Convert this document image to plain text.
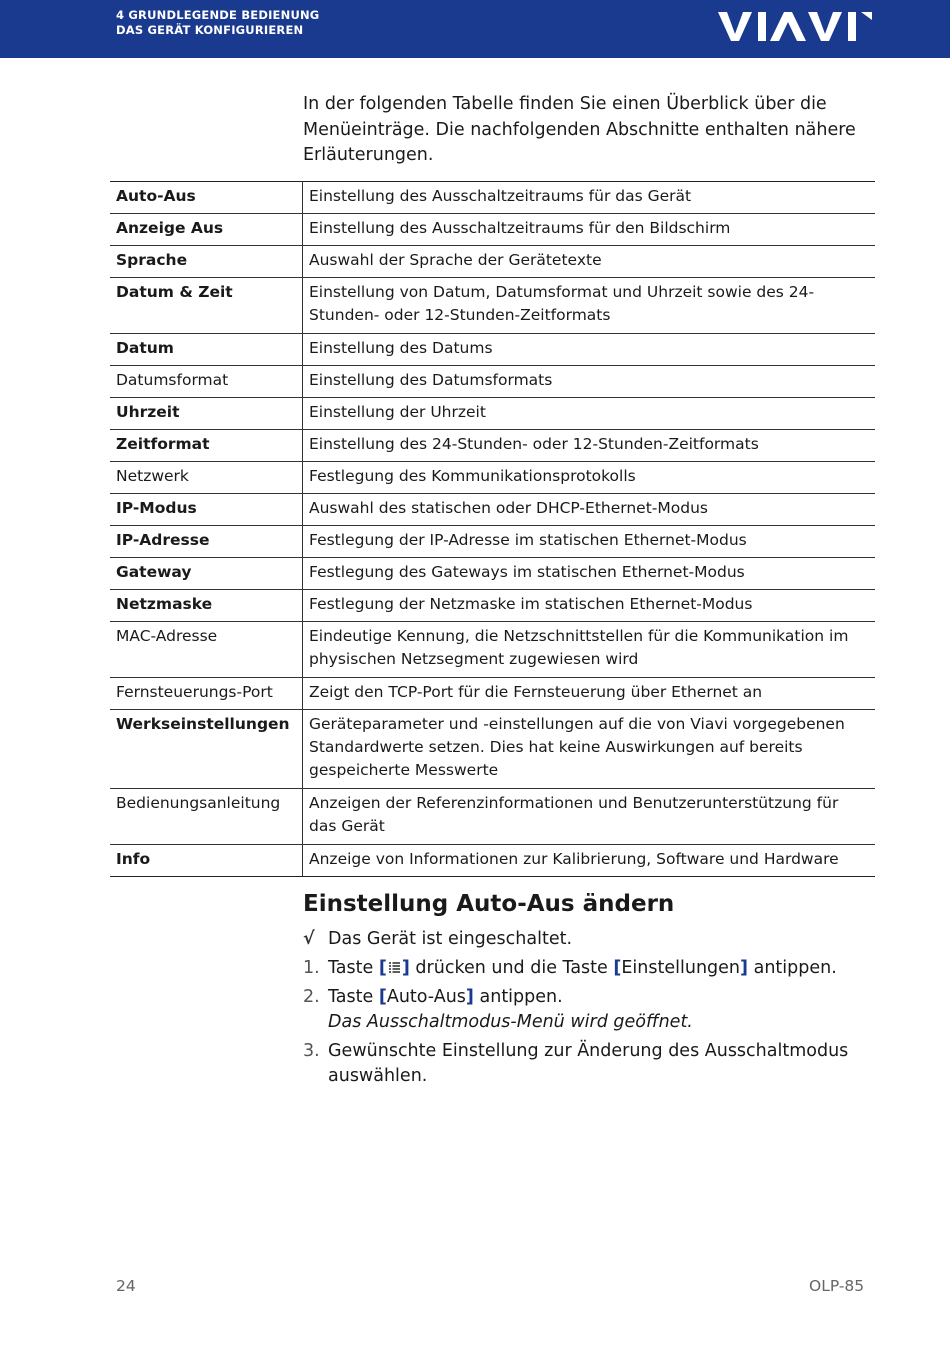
4 GRUNDLEGENDE BEDIENUNG
DAS GERÄT KONFIGURIEREN
VIAVI
In der folgenden Tabelle finden Sie einen Überblick über die Menüeinträge. Die nachfolgenden Abschnitte enthalten nähere Erläuterungen.
Auto-Aus	Einstellung des Ausschaltzeitraums für das Gerät
Anzeige Aus	Einstellung des Ausschaltzeitraums für den Bildschirm
Sprache	Auswahl der Sprache der Gerätetexte
Datum & Zeit	Einstellung von Datum, Datumsformat und Uhrzeit sowie des 24-Stunden- oder 12-Stunden-Zeitformats
Datum	Einstellung des Datums
Datumsformat	Einstellung des Datumsformats
Uhrzeit	Einstellung der Uhrzeit
Zeitformat	Einstellung des 24-Stunden- oder 12-Stunden-Zeitformats
Netzwerk	Festlegung des Kommunikationsprotokolls
IP-Modus	Auswahl des statischen oder DHCP-Ethernet-Modus
IP-Adresse	Festlegung der IP-Adresse im statischen Ethernet-Modus
Gateway	Festlegung des Gateways im statischen Ethernet-Modus
Netzmaske	Festlegung der Netzmaske im statischen Ethernet-Modus
MAC-Adresse	Eindeutige Kennung, die Netzschnittstellen für die Kommunikation im physischen Netzsegment zugewiesen wird
Fernsteuerungs-Port	Zeigt den TCP-Port für die Fernsteuerung über Ethernet an
Werkseinstellungen	Geräteparameter und -einstellungen auf die von Viavi vorgegebenen Standardwerte setzen. Dies hat keine Auswirkungen auf bereits gespeicherte Messwerte
Bedienungsanleitung	Anzeigen der Referenzinformationen und Benutzerunterstützung für das Gerät
Info	Anzeige von Informationen zur Kalibrierung, Software und Hardware
Einstellung Auto-Aus ändern
√ Das Gerät ist eingeschaltet.
1. Taste [ ] drücken und die Taste [Einstellungen] antippen.
2. Taste [Auto-Aus] antippen.
Das Ausschaltmodus-Menü wird geöffnet.
3. Gewünschte Einstellung zur Änderung des Ausschaltmodus auswählen.
24	OLP-85
